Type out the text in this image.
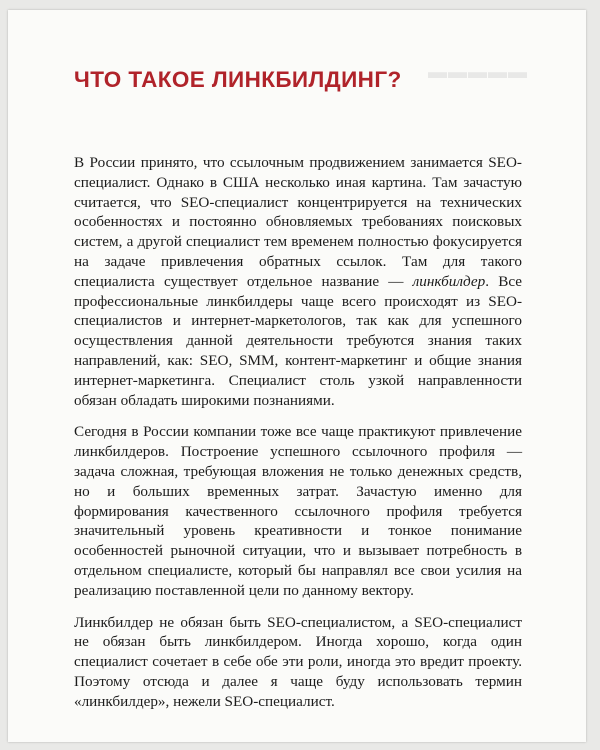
▬▬▬▬▬
ЧТО ТАКОЕ ЛИНКБИЛДИНГ?

В России принято, что ссылочным продвижением занимается SEO-специалист. Однако в США несколько иная картина. Там зачастую считается, что SEO-специалист концентрируется на технических особенностях и постоянно обновляемых требованиях поисковых систем, а другой специалист тем временем полностью фокусируется на задаче привлечения обратных ссылок. Там для такого специалиста существует отдельное название — линкбилдер. Все профессиональные линкбилдеры чаще всего происходят из SEO-специалистов и интернет-маркетологов, так как для успешного осуществления данной деятельности требуются знания таких направлений, как: SEO, SMM, контент-маркетинг и общие знания интернет-маркетинга. Специалист столь узкой направленности обязан обладать широкими познаниями.

Сегодня в России компании тоже все чаще практикуют привлечение линкбилдеров. Построение успешного ссылочного профиля — задача сложная, требующая вложения не только денежных средств, но и больших временных затрат. Зачастую именно для формирования качественного ссылочного профиля требуется значительный уровень креативности и тонкое понимание особенностей рыночной ситуации, что и вызывает потребность в отдельном специалисте, который бы направлял все свои усилия на реализацию поставленной цели по данному вектору.

Линкбилдер не обязан быть SEO-специалистом, а SEO-специалист не обязан быть линкбилдером. Иногда хорошо, когда один специалист сочетает в себе обе эти роли, иногда это вредит проекту. Поэтому отсюда и далее я чаще буду использовать термин «линкбилдер», нежели SEO-специалист.
